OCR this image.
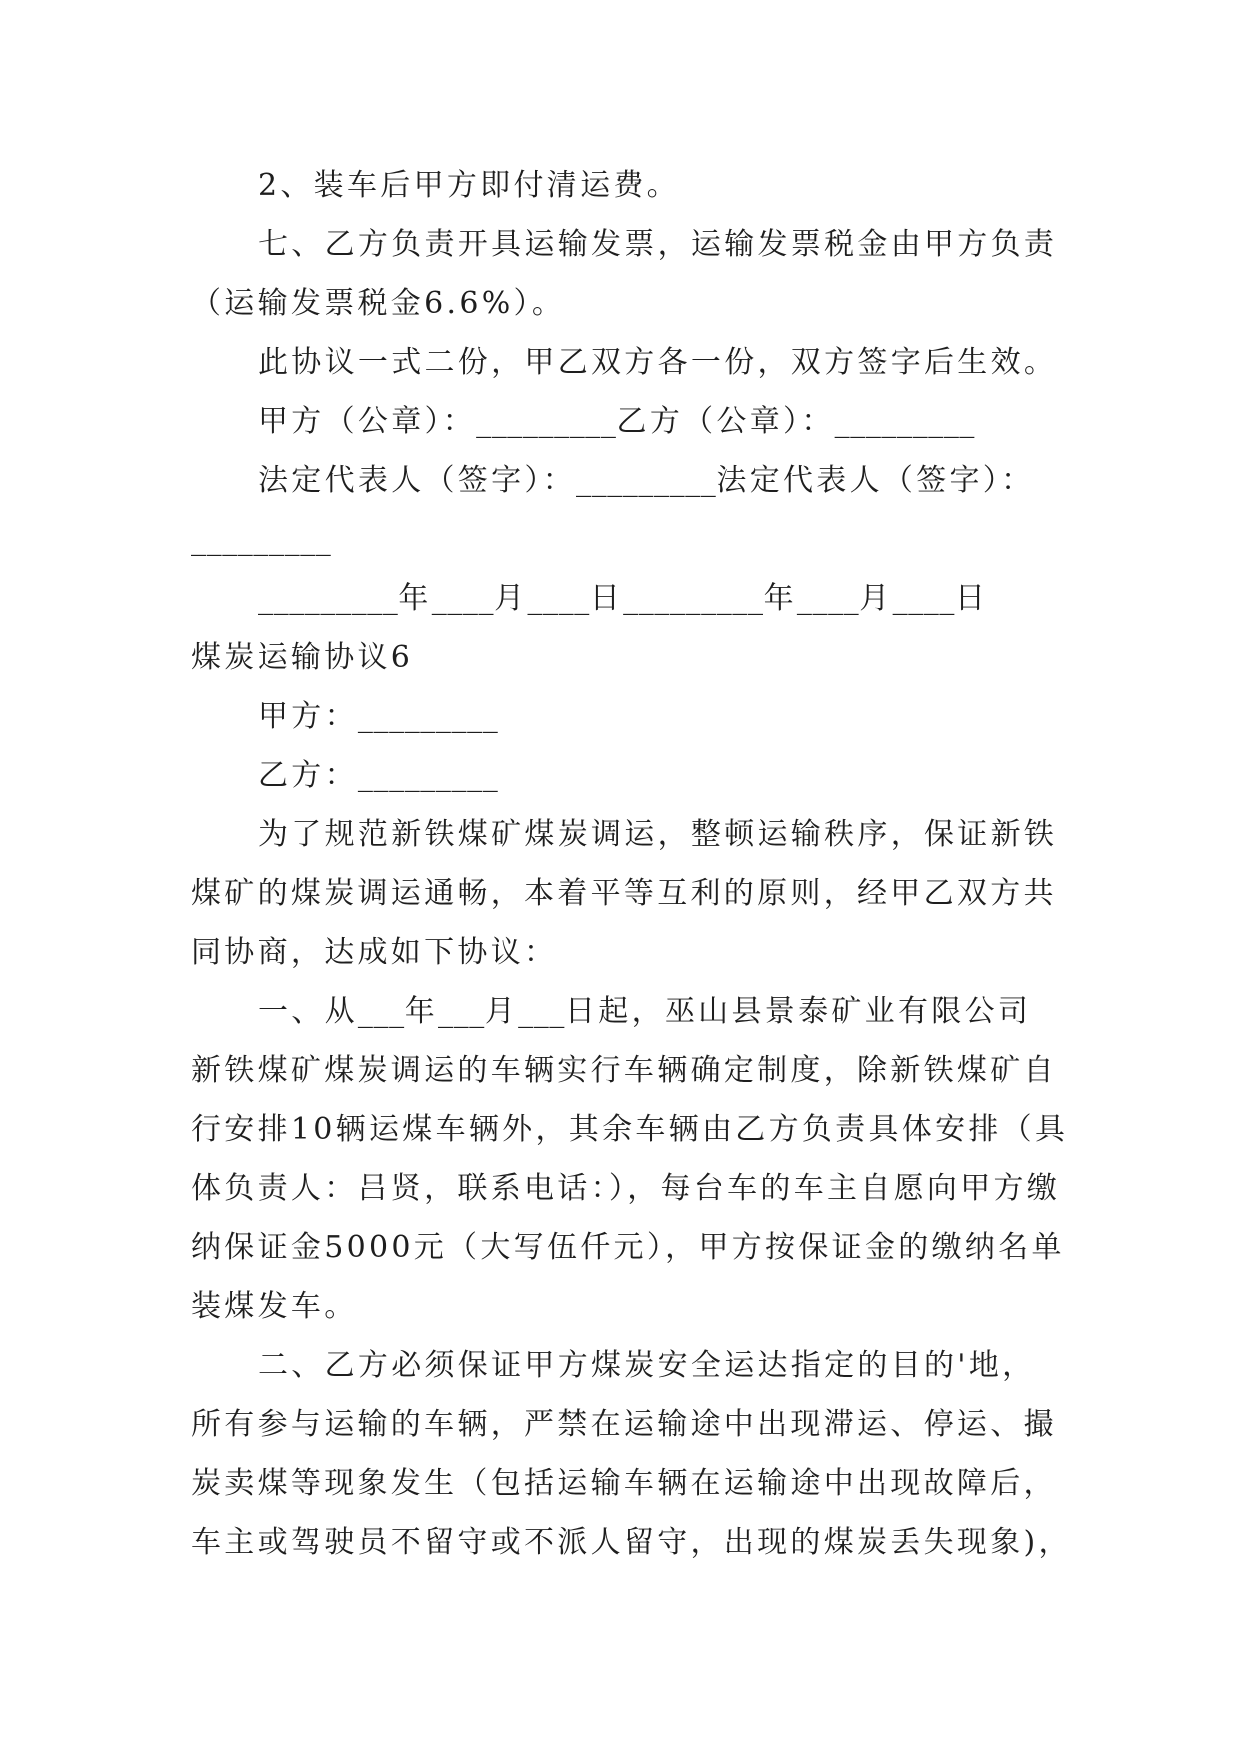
2、装车后甲方即付清运费。
七、乙方负责开具运输发票，运输发票税金由甲方负责
（运输发票税金6.6%）。
此协议一式二份，甲乙双方各一份，双方签字后生效。
甲方（公章）：_________乙方（公章）：_________
法定代表人（签字）：_________法定代表人（签字）：
_________
_________年____月____日_________年____月____日
煤炭运输协议6
甲方：_________
乙方：_________
为了规范新铁煤矿煤炭调运，整顿运输秩序，保证新铁
煤矿的煤炭调运通畅，本着平等互利的原则，经甲乙双方共
同协商，达成如下协议：
一、从___年___月___日起，巫山县景泰矿业有限公司
新铁煤矿煤炭调运的车辆实行车辆确定制度，除新铁煤矿自
行安排10辆运煤车辆外，其余车辆由乙方负责具体安排（具
体负责人：吕贤，联系电话：），每台车的车主自愿向甲方缴
纳保证金5000元（大写伍仟元），甲方按保证金的缴纳名单
装煤发车。
二、乙方必须保证甲方煤炭安全运达指定的目的'地，
所有参与运输的车辆，严禁在运输途中出现滞运、停运、撮
炭卖煤等现象发生（包括运输车辆在运输途中出现故障后，
车主或驾驶员不留守或不派人留守，出现的煤炭丢失现象)，
